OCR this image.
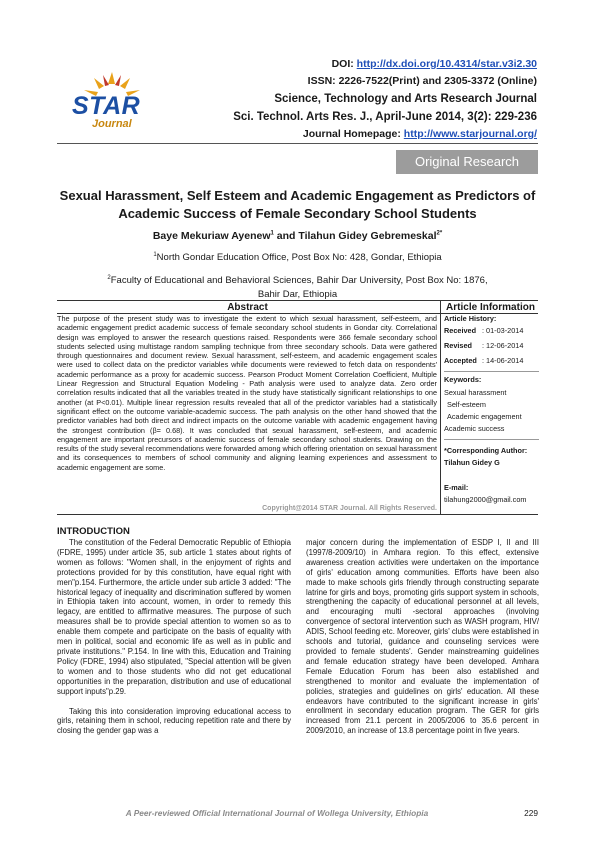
STAR
Journal
DOI: http://dx.doi.org/10.4314/star.v3i2.30
ISSN: 2226-7522(Print) and 2305-3372 (Online)
Science, Technology and Arts Research Journal
Sci. Technol. Arts Res. J., April-June 2014, 3(2): 229-236
Journal Homepage: http://www.starjournal.org/
Original Research
Sexual Harassment, Self Esteem and Academic Engagement as Predictors of
Academic Success of Female Secondary School Students
Baye Mekuriaw Ayenew$^1$ and Tilahun Gidey Gebremeskal$^{2*}$
$^1$North Gondar Education Office, Post Box No: 428, Gondar, Ethiopia
$^2$Faculty of Educational and Behavioral Sciences, Bahir Dar University, Post Box No: 1876,
Bahir Dar, Ethiopia
Abstract	Article Information
The purpose of the present study was to investigate the extent to which sexual harassment, self-esteem, and academic engagement predict academic success of female secondary school students in Gondar city. Correlational design was employed to answer the research questions raised. Respondents were 366 female secondary school students selected using multistage random sampling technique from three secondary schools. Data were gathered through questionnaires and document review. Sexual harassment, self-esteem, and academic engagement scales were used to collect data on the predictor variables while documents were reviewed to fetch data on respondents' academic performance as a proxy for academic success. Pearson Product Moment Correlation Coefficient, Multiple Linear Regression and Structural Equation Modeling - Path analysis were used to analyze data. Zero order correlation results indicated that all the variables treated in the study have statistically significant relationships to one another (at P<0.01). Multiple linear regression results revealed that all of the predictor variables had a statistically significant effect on the outcome variable-academic success. The path analysis on the other hand showed that the predictor variables had both direct and indirect impacts on the outcome variable with academic engagement having the strongest contribution (β= 0.68). It was concluded that sexual harassment, self-esteem, and academic engagement are important precursors of academic success of female secondary school students. Drawing on the results of the study several recommendations were forwarded among which offering orientation on sexual harassment and its consequences to members of school community and aligning learning experiences and assessment to academic engagement are some.
Copyright@2014 STAR Journal. All Rights Reserved.
Article History:
Received : 01-03-2014
Revised	: 12-06-2014
Accepted : 14-06-2014
Keywords:
Sexual harassment
Self-esteem
Academic engagement
Academic success
*Corresponding Author:
Tilahun Gidey G
E-mail:
tilahung2000@gmail.com
INTRODUCTION

The constitution of the Federal Democratic Republic of Ethiopia (FDRE, 1995) under article 35, sub article 1 states about rights of women as follows: "Women shall, in the enjoyment of rights and protections provided for by this constitution, have equal right with men"p.154. Furthermore, the article under sub article 3 added: "The historical legacy of inequality and discrimination suffered by women in Ethiopia taken into account, women, in order to remedy this legacy, are entitled to affirmative measures. The purpose of such measures shall be to provide special attention to women so as to enable them compete and participate on the basis of equality with men in political, social and economic life as well as in public and private institutions." P.154. In line with this, Education and Training Policy (FDRE, 1994) also stipulated, "Special attention will be given to women and to those students who did not get educational opportunities in the preparation, distribution and use of educational support inputs"p.29.

Taking this into consideration improving educational access to girls, retaining them in school, reducing repetition rate and there by closing the gender gap was a

major concern during the implementation of ESDP I, II and III (1997/8-2009/10) in Amhara region. To this effect, extensive awareness creation activities were undertaken on the importance of girls' education among communities. Efforts have been also made to make schools girls friendly through constructing separate latrine for girls and boys, promoting girls support system in schools, strengthening the capacity of educational personnel at all levels, and encouraging multi -sectoral approaches (involving convergence of sectoral intervention such as WASH program, HIV/ ADIS, School feeding etc. Moreover, girls' clubs were established in schools and tutorial, guidance and counseling services were provided to female students'. Gender mainstreaming guidelines and female education strategy have been developed. Amhara Female Education Forum has been also established and strengthened to monitor and evaluate the implementation of policies, strategies and guidelines on girls' education. All these endeavors have contributed to the significant increase in girls' enrollment in secondary education program. The GER for girls increased from 21.1 percent in 2005/2006 to 35.6 percent in 2009/2010, an increase of 13.8 percentage point in five years.

A Peer-reviewed Official International Journal of Wollega University, Ethiopia	229
